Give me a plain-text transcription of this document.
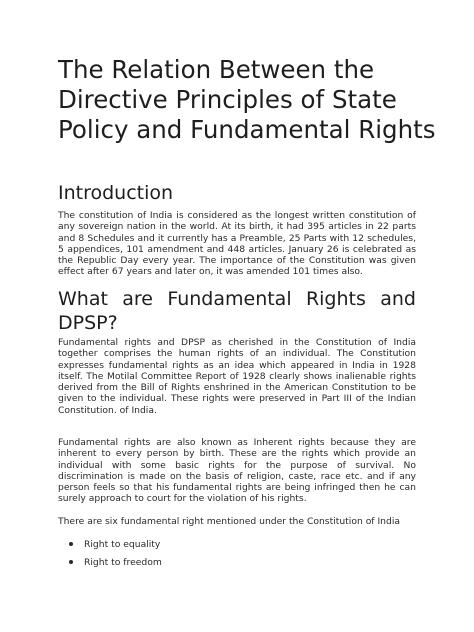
The Relation Between the Directive Principles of State Policy and Fundamental Rights
Introduction

The constitution of India is considered as the longest written constitution of any sovereign nation in the world. At its birth, it had 395 articles in 22 parts and 8 Schedules and it currently has a Preamble, 25 Parts with 12 schedules, 5 appendices, 101 amendment and 448 articles. January 26 is celebrated as the Republic Day every year. The importance of the Constitution was given effect after 67 years and later on, it was amended 101 times also.

What are Fundamental Rights and
DPSP?

Fundamental rights and DPSP as cherished in the Constitution of India together comprises the human rights of an individual. The Constitution expresses fundamental rights as an idea which appeared in India in 1928 itself. The Motilal Committee Report of 1928 clearly shows inalienable rights derived from the Bill of Rights enshrined in the American Constitution to be given to the individual. These rights were preserved in Part III of the Indian Constitution. of India.

Fundamental rights are also known as Inherent rights because they are inherent to every person by birth. These are the rights which provide an individual with some basic rights for the purpose of survival. No discrimination is made on the basis of religion, caste, race etc. and if any person feels so that his fundamental rights are being infringed then he can surely approach to court for the violation of his rights.

There are six fundamental right mentioned under the Constitution of India

Right to equality
Right to freedom
